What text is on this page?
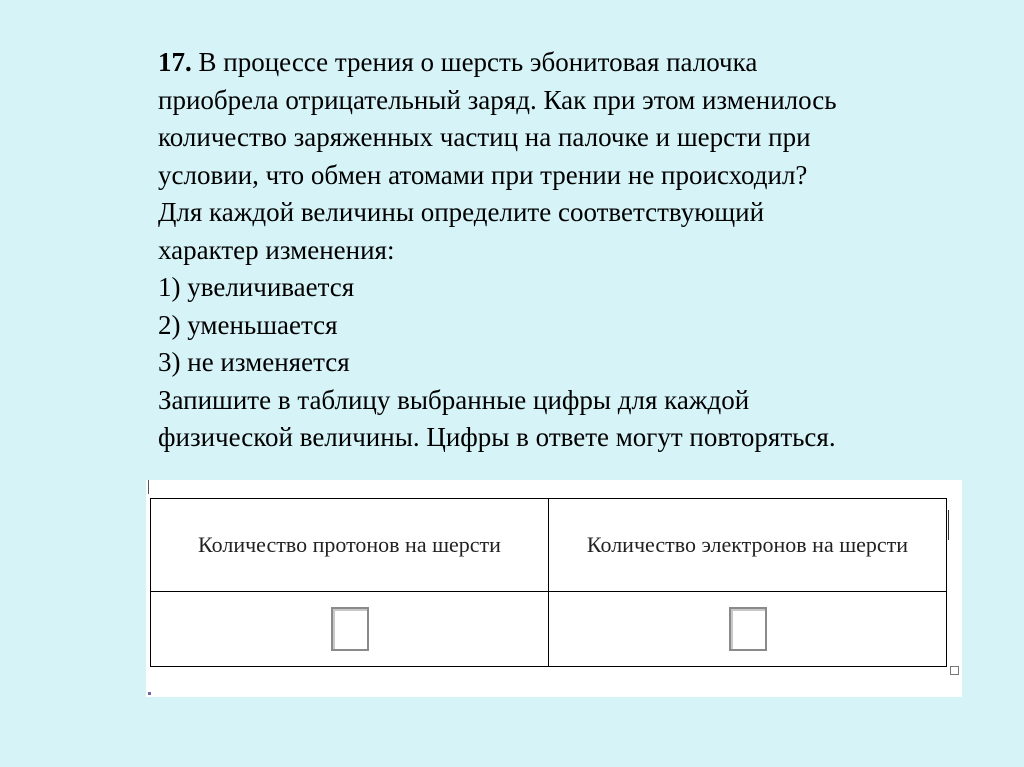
17. В процессе трения о шерсть эбонитовая палочка
приобрела отрицательный заряд. Как при этом изменилось
количество заряженных частиц на палочке и шерсти при
условии, что обмен атомами при трении не происходил?
Для каждой величины определите соответствующий
характер изменения:
1) увеличивается
2) уменьшается
3) не изменяется
Запишите в таблицу выбранные цифры для каждой
физической величины. Цифры в ответе могут повторяться.
Количество протонов на шерсти	Количество электронов на шерсти
